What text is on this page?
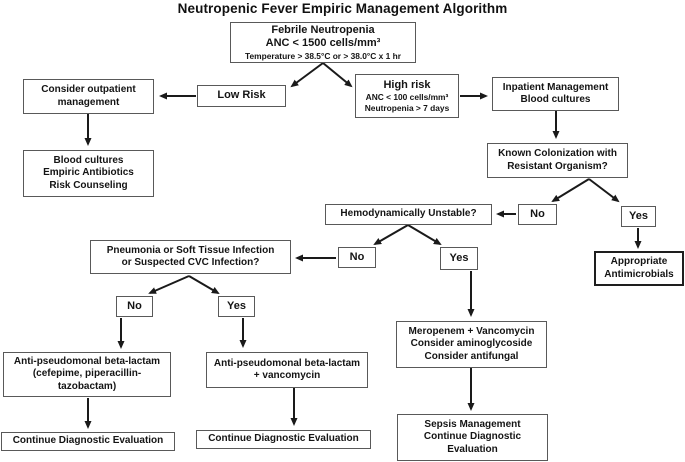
Neutropenic Fever Empiric Management Algorithm
Febrile Neutropenia
ANC < 1500 cells/mm³
Temperature > 38.5°C or > 38.0°C x 1 hr
Consider outpatient
management
Low Risk
High risk
ANC < 100 cells/mm³
Neutropenia > 7 days
Inpatient Management
Blood cultures
Blood cultures
Empiric Antibiotics
Risk Counseling
Known Colonization with
Resistant Organism?
No	Yes
Hemodynamically Unstable?
Appropriate
Antimicrobials
No	Yes
Pneumonia or Soft Tissue Infection
or Suspected CVC Infection?
No	Yes
Anti-pseudomonal beta-lactam
(cefepime, piperacillin-
tazobactam)
Anti-pseudomonal beta-lactam
+ vancomycin
Continue Diagnostic Evaluation	Continue Diagnostic Evaluation
Meropenem + Vancomycin
Consider aminoglycoside
Consider antifungal
Sepsis Management
Continue Diagnostic
Evaluation
